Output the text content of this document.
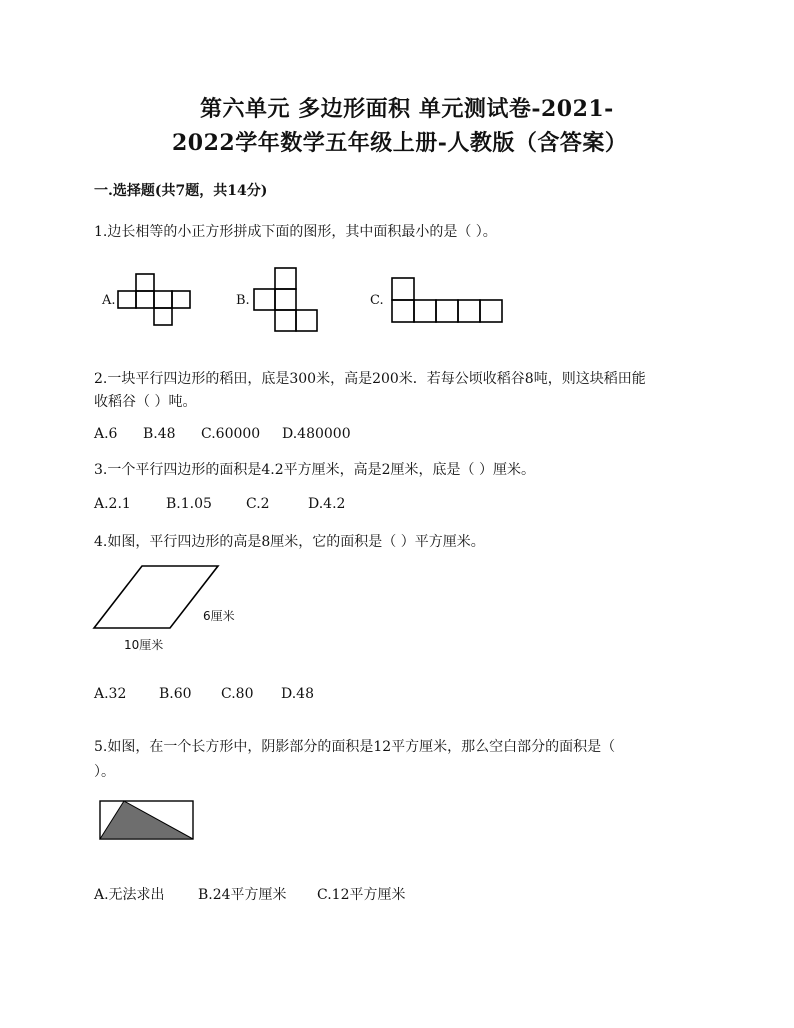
第六单元 多边形面积 单元测试卷-2021-
2022学年数学五年级上册-人教版（含答案）
一.选择题(共7题，共14分)
1.边长相等的小正方形拼成下面的图形，其中面积最小的是（ ）。
A.	B.	C.
2.一块平行四边形的稻田，底是300米，高是200米．若每公顷收稻谷8吨，则这块稻田能
收稻谷（ ）吨。
A.6 B.48 C.60000 D.480000
3.一个平行四边形的面积是4.2平方厘米，高是2厘米，底是（ ）厘米。
A.2.1	B.1.05 C.2	D.4.2
4.如图，平行四边形的高是8厘米，它的面积是（ ）平方厘米。
6厘米
10厘米
A.32 B.60 C.80 D.48
5.如图，在一个长方形中，阴影部分的面积是12平方厘米，那么空白部分的面积是（
）。
A.无法求出 B.24平方厘米 C.12平方厘米
